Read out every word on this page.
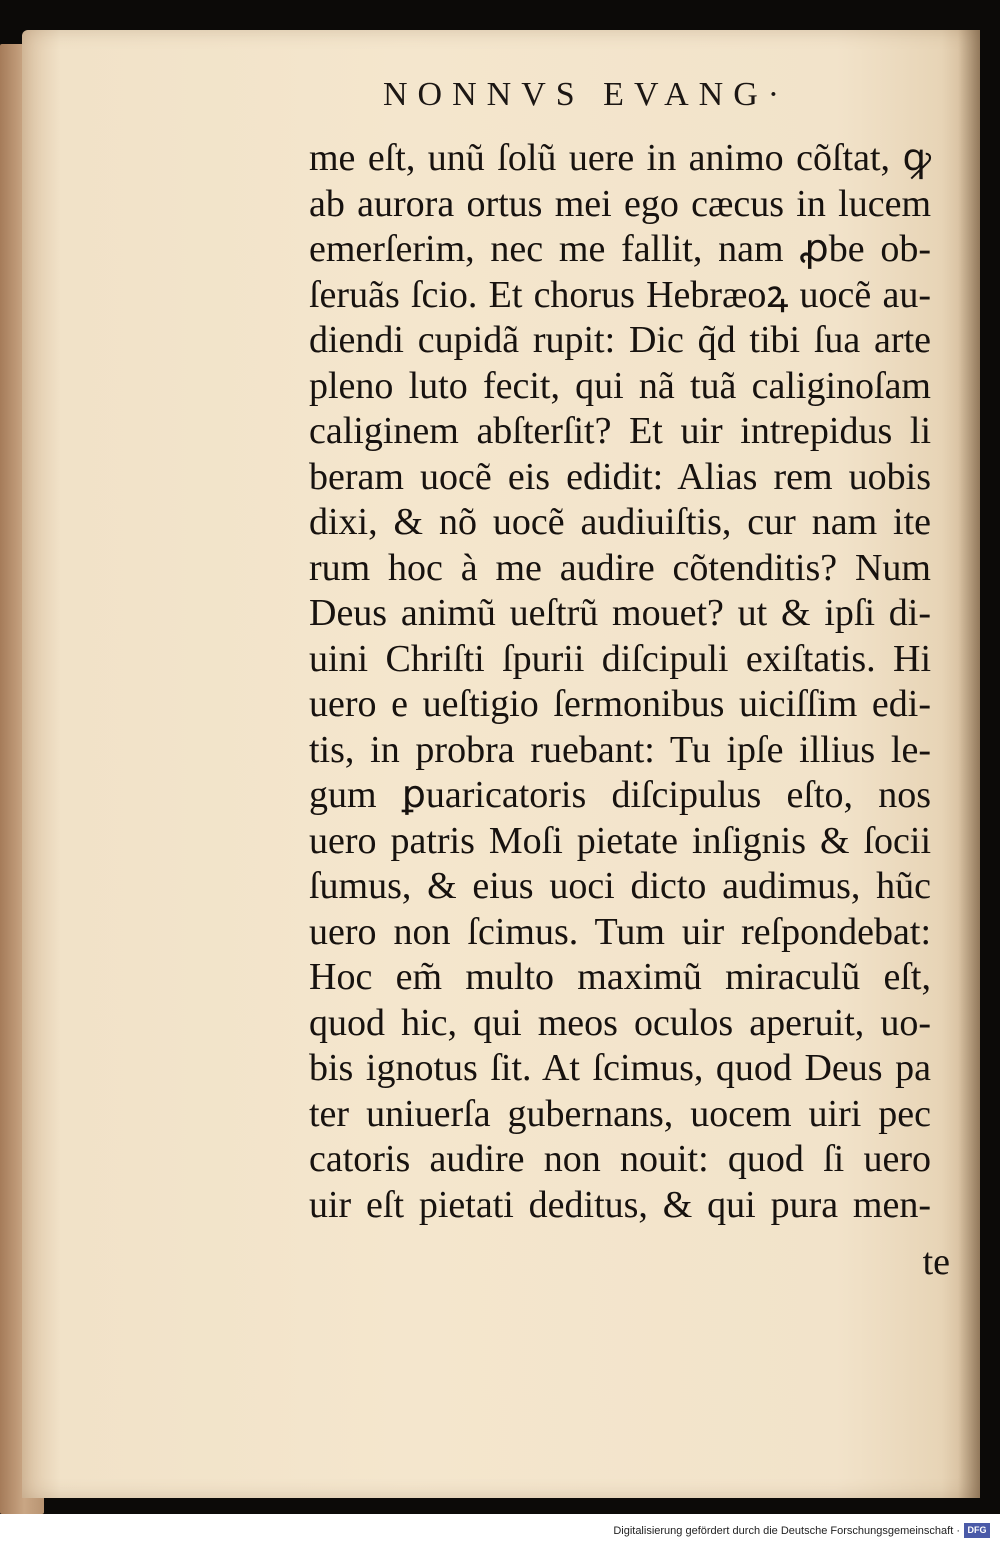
NONNVS EVANG·
me eſt, unũ ſolũ uere in animo cõſtat, ꝙ
ab aurora ortus mei ego cæcus in lucem
emerſerim, nec me fallit, nam ꝓbe ob-
ſeruãs ſcio. Et chorus Hebræoꝝ uocẽ au-
diendi cupidã rupit: Dic q̃d tibi ſua arte
pleno luto fecit, qui nã tuã caliginoſam
caliginem abſterſit? Et uir intrepidus li
beram uocẽ eis edidit: Alias rem uobis
dixi, & nõ uocẽ audiuiſtis, cur nam ite
rum hoc à me audire cõtenditis? Num
Deus animũ ueſtrũ mouet? ut & ipſi di-
uini Chriſti ſpurii diſcipuli exiſtatis. Hi
uero e ueſtigio ſermonibus uiciſſim edi-
tis, in probra ruebant: Tu ipſe illius le-
gum ꝑuaricatoris diſcipulus eſto, nos
uero patris Moſi pietate inſignis & ſocii
ſumus, & eius uoci dicto audimus, hũc
uero non ſcimus. Tum uir reſpondebat:
Hoc em̃ multo maximũ miraculũ eſt,
quod hic, qui meos oculos aperuit, uo-
bis ignotus ſit. At ſcimus, quod Deus pa
ter uniuerſa gubernans, uocem uiri pec
catoris audire non nouit: quod ſi uero
uir eſt pietati deditus, & qui pura men-
te
Digitalisierung gefördert durch die Deutsche Forschungsgemeinschaft · DFG
